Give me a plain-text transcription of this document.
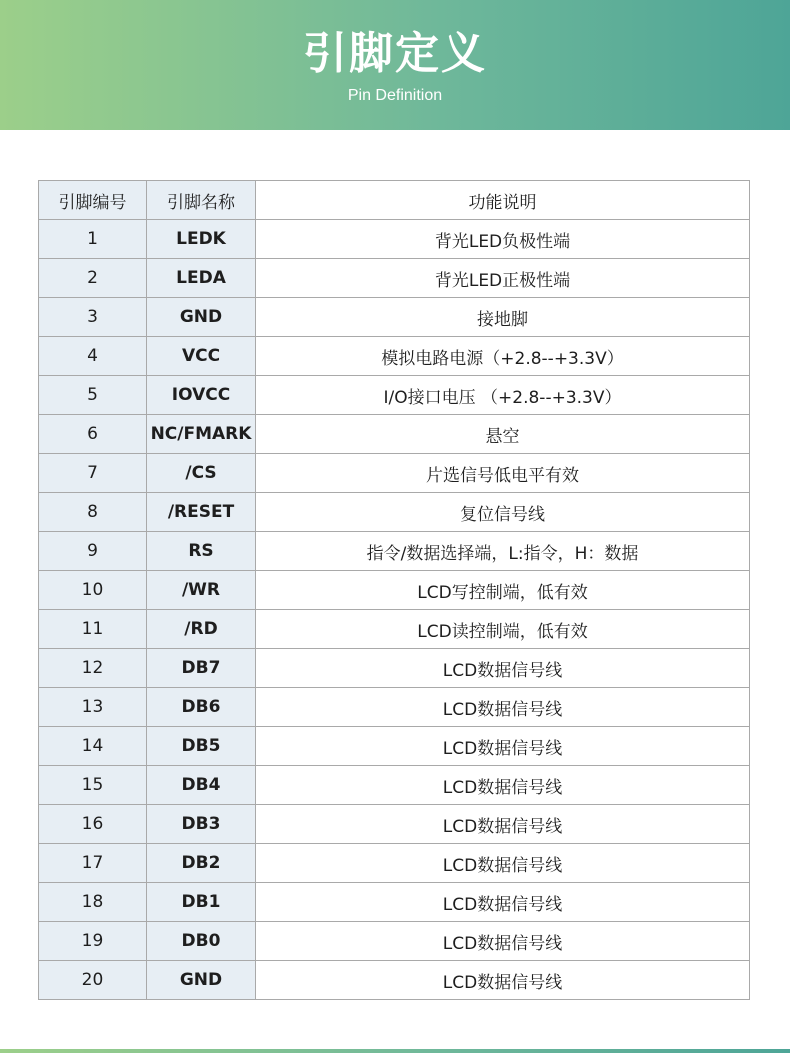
引脚定义
Pin Definition
引脚编号	引脚名称	功能说明
1	LEDK	背光LED负极性端
2	LEDA	背光LED正极性端
3	GND	接地脚
4	VCC	模拟电路电源（+2.8--+3.3V）
5	IOVCC	I/O接口电压 （+2.8--+3.3V）
6	NC/FMARK	悬空
7	/CS	片选信号低电平有效
8	/RESET	复位信号线
9	RS	指令/数据选择端，L:指令，H：数据
10	/WR	LCD写控制端，低有效
11	/RD	LCD读控制端，低有效
12	DB7	LCD数据信号线
13	DB6	LCD数据信号线
14	DB5	LCD数据信号线
15	DB4	LCD数据信号线
16	DB3	LCD数据信号线
17	DB2	LCD数据信号线
18	DB1	LCD数据信号线
19	DB0	LCD数据信号线
20	GND	LCD数据信号线
